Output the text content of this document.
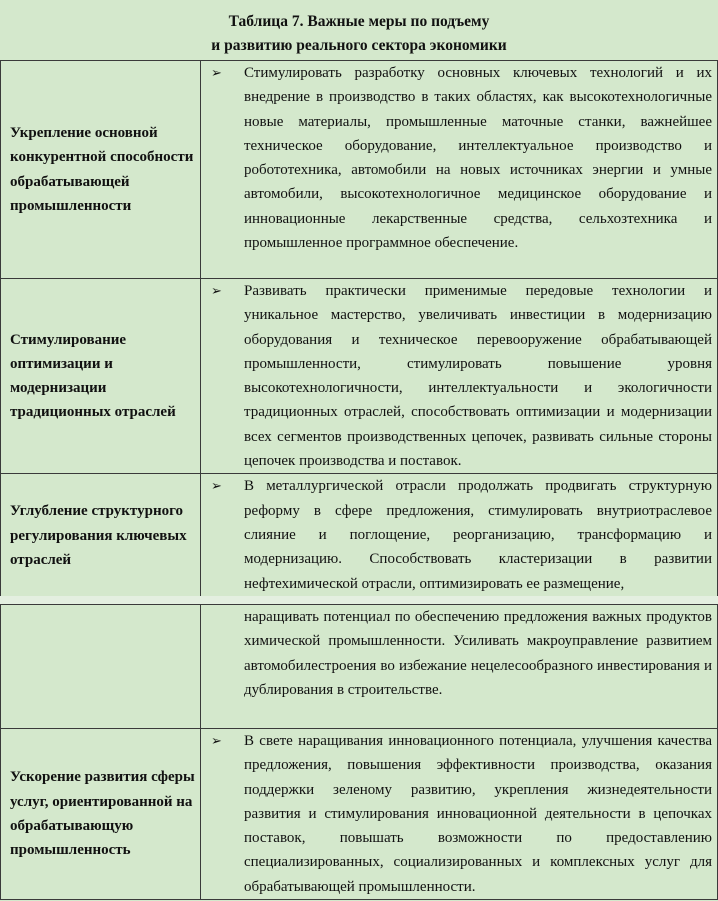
Таблица 7. Важные меры по подъему
и развитию реального сектора экономики
Укрепление основной конкурентной способности обрабатывающей промышленности	➢ Стимулировать разработку основных ключевых технологий и их внедрение в производство в таких областях, как высокотехнологичные новые материалы, промышленные маточные станки, важнейшее техническое оборудование, интеллектуальное производство и робототехника, автомобили на новых источниках энергии и умные автомобили, высокотехнологичное медицинское оборудование и инновационные лекарственные средства, сельхозтехника и промышленное программное обеспечение.

Стимулирование оптимизации и модернизации традиционных отраслей	➢ Развивать практически применимые передовые технологии и уникальное мастерство, увеличивать инвестиции в модернизацию оборудования и техническое перевооружение обрабатывающей промышленности, стимулировать повышение уровня высокотехнологичности, интеллектуальности и экологичности традиционных отраслей, способствовать оптимизации и модернизации всех сегментов производственных цепочек, развивать сильные стороны цепочек производства и поставок.

Углубление структурного регулирования ключевых отраслей	➢ В металлургической отрасли продолжать продвигать структурную реформу в сфере предложения, стимулировать внутриотраслевое слияние и поглощение, реорганизацию, трансформацию и модернизацию. Способствовать кластеризации в развитии нефтехимической отрасли, оптимизировать ее размещение,

	наращивать потенциал по обеспечению предложения важных продуктов химической промышленности. Усиливать макроуправление развитием автомобилестроения во избежание нецелесообразного инвестирования и дублирования в строительстве.

Ускорение развития сферы услуг, ориентированной на обрабатывающую промышленность	➢ В свете наращивания инновационного потенциала, улучшения качества предложения, повышения эффективности производства, оказания поддержки зеленому развитию, укрепления жизнедеятельности развития и стимулирования инновационной деятельности в цепочках поставок, повышать возможности по предоставлению специализированных, социализированных и комплексных услуг для обрабатывающей промышленности.
